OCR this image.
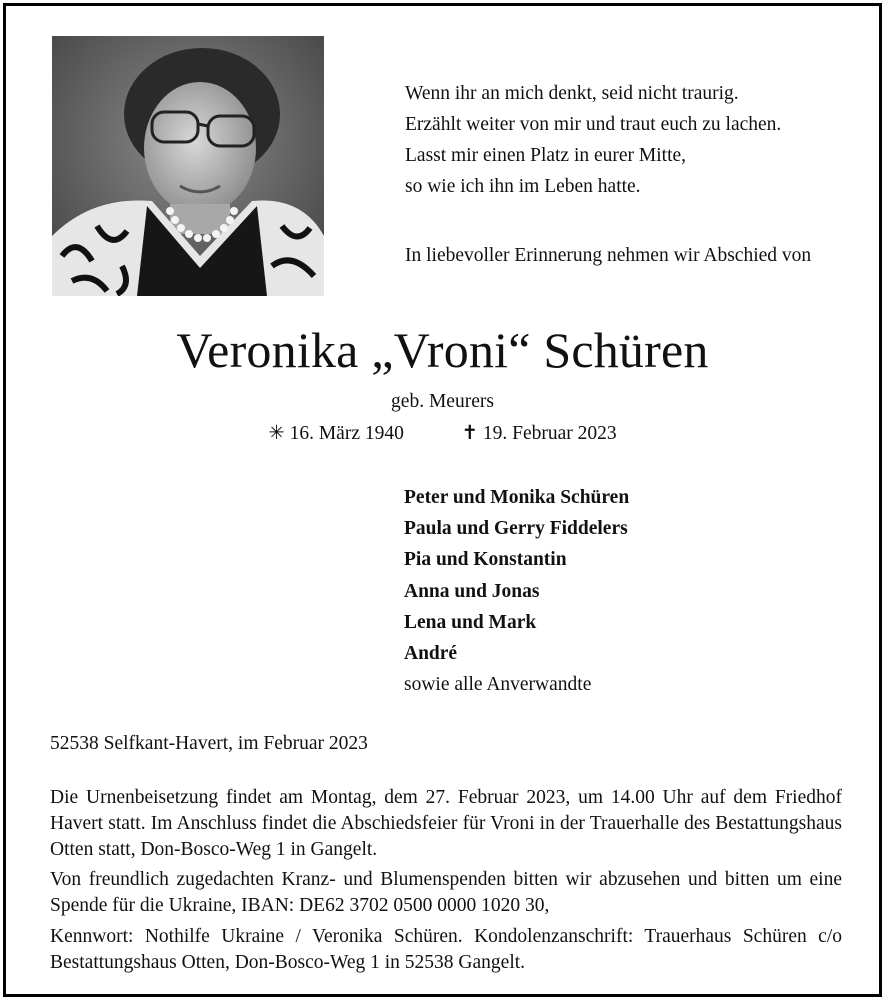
Wenn ihr an mich denkt, seid nicht traurig.
Erzählt weiter von mir und traut euch zu lachen.
Lasst mir einen Platz in eurer Mitte,
so wie ich ihn im Leben hatte.
In liebevoller Erinnerung nehmen wir Abschied von
Veronika „Vroni“ Schüren
geb. Meurers
✳ 16. März 1940	✝ 19. Februar 2023
Peter und Monika Schüren
Paula und Gerry Fiddelers
Pia und Konstantin
Anna und Jonas
Lena und Mark
André
sowie alle Anverwandte
52538 Selfkant-Havert, im Februar 2023
Die Urnenbeisetzung findet am Montag, dem 27. Februar 2023, um 14.00 Uhr auf dem Friedhof Havert statt. Im Anschluss findet die Abschiedsfeier für Vroni in der Trauerhalle des Bestattungshaus Otten statt, Don-Bosco-Weg 1 in Gangelt.
Von freundlich zugedachten Kranz- und Blumenspenden bitten wir abzusehen und bitten um eine Spende für die Ukraine, IBAN: DE62 3702 0500 0000 1020 30,
Kennwort: Nothilfe Ukraine / Veronika Schüren. Kondolenzanschrift: Trauerhaus Schüren c/o Bestattungshaus Otten, Don-Bosco-Weg 1 in 52538 Gangelt.
